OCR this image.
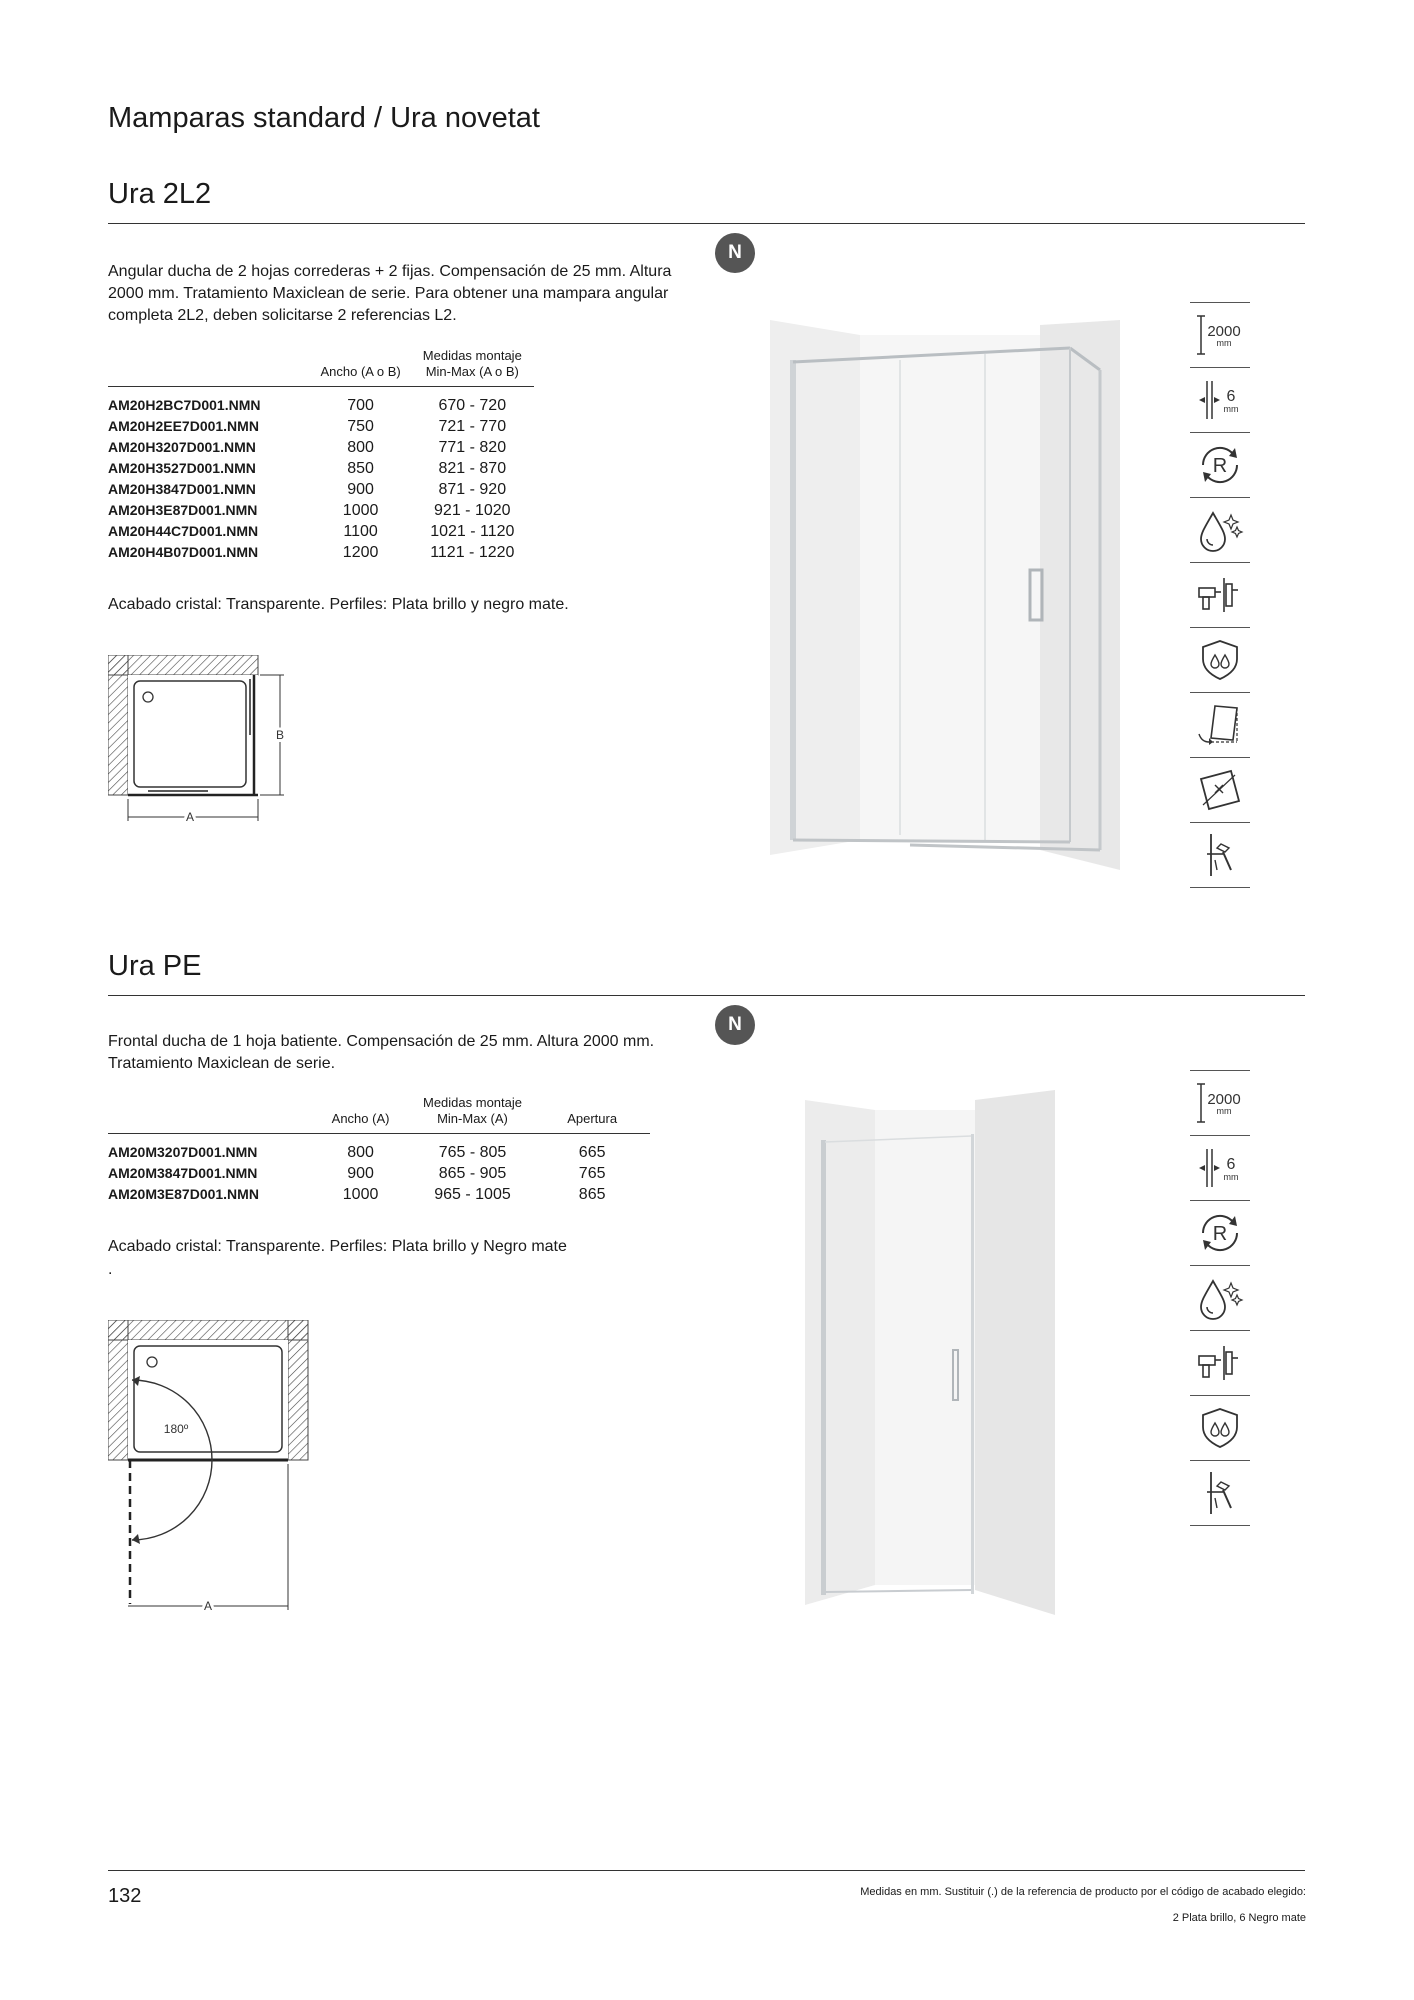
Mamparas standard / Ura novetat
Ura 2L2

Angular ducha de 2 hojas correderas + 2 fijas. Compensación de 25 mm. Altura 2000 mm. Tratamiento Maxiclean de serie. Para obtener una mampara angular completa 2L2, deben solicitarse 2 referencias L2.

	Ancho (A o B)	Medidas montaje Min-Max (A o B)

AM20H2BC7D001.NMN	700	670 - 720
AM20H2EE7D001.NMN	750	721 - 770
AM20H3207D001.NMN	800	771 - 820
AM20H3527D001.NMN	850	821 - 870
AM20H3847D001.NMN	900	871 - 920
AM20H3E87D001.NMN	1000	921 - 1020
AM20H44C7D001.NMN	1100	1021 - 1120
AM20H4B07D001.NMN	1200	1121 - 1220

Acabado cristal: Transparente. Perfiles: Plata brillo y negro mate.

B
A
N
2000
mm
6
mm
R
Ura PE

Frontal ducha de 1 hoja batiente. Compensación de 25 mm. Altura 2000 mm. Tratamiento Maxiclean de serie.

	Ancho (A)	Medidas montaje Min-Max (A)	Apertura

AM20M3207D001.NMN	800	765 - 805	665
AM20M3847D001.NMN	900	865 - 905	765
AM20M3E87D001.NMN	1000	965 - 1005	865

Acabado cristal: Transparente. Perfiles: Plata brillo y Negro mate
.

180º
A
N
2000
mm
6
mm
R
132	Medidas en mm. Sustituir (.) de la referencia de producto por el código de acabado elegido:
2 Plata brillo, 6 Negro mate
